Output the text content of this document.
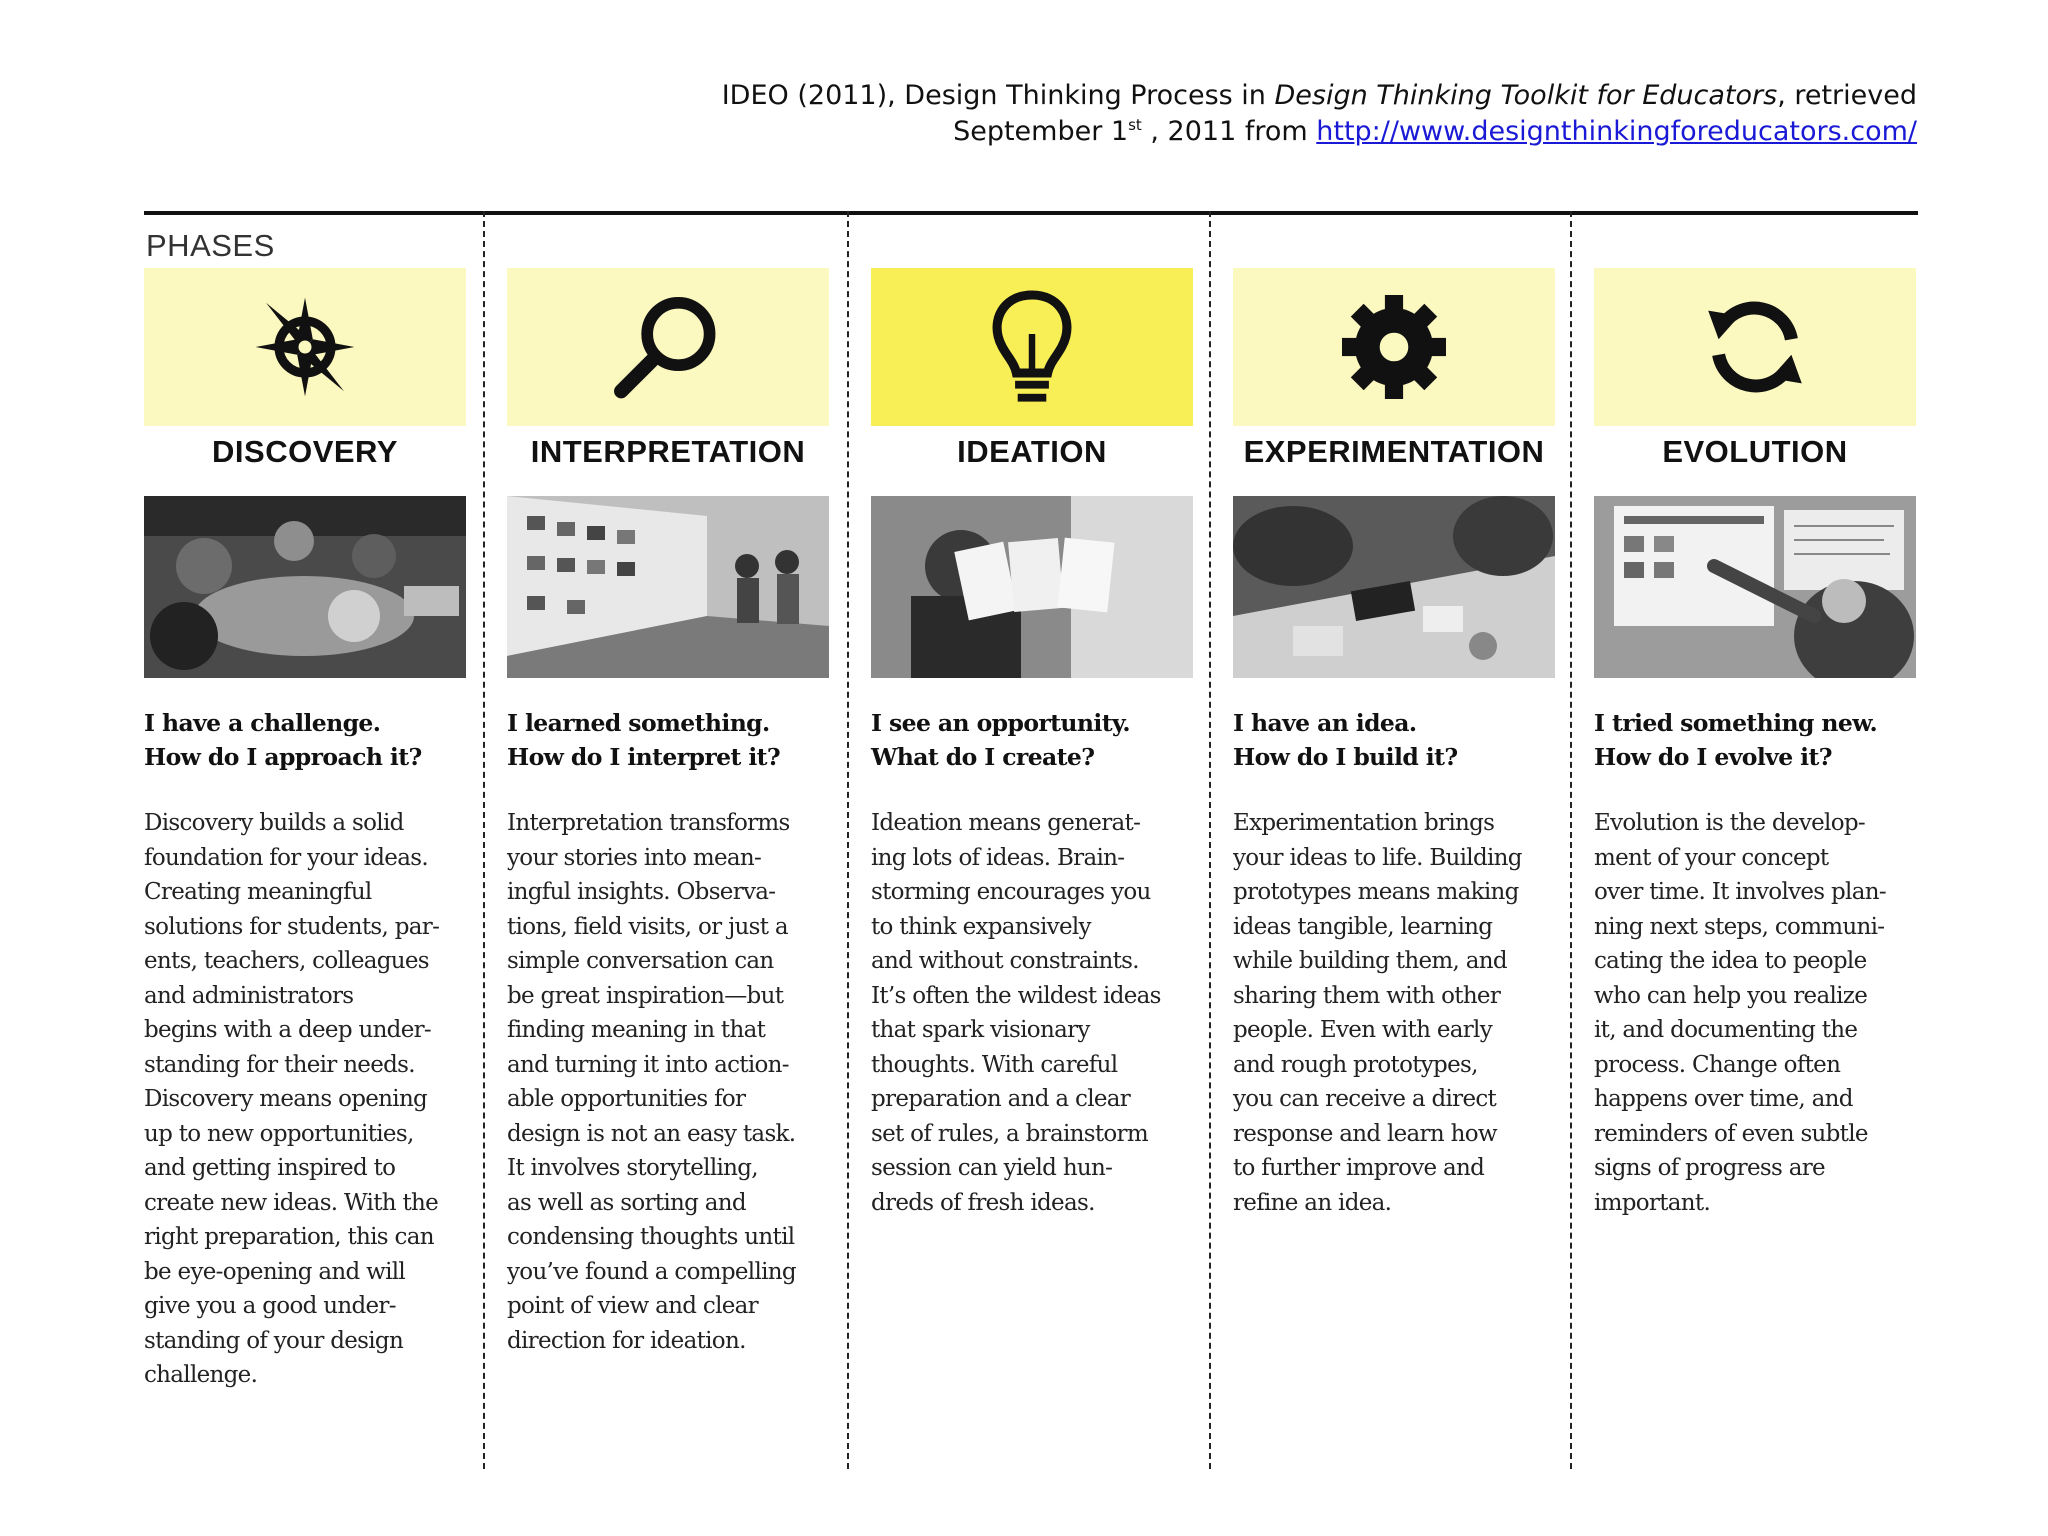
IDEO (2011), Design Thinking Process in Design Thinking Toolkit for Educators, retrieved
September 1st , 2011 from http://www.designthinkingforeducators.com/
PHASES
DISCOVERY
I have a challenge.
How do I approach it?
Discovery builds a solid
foundation for your ideas.
Creating meaningful
solutions for students, par-
ents, teachers, colleagues
and administrators
begins with a deep under-
standing for their needs.
Discovery means opening
up to new opportunities,
and getting inspired to
create new ideas. With the
right preparation, this can
be eye-opening and will
give you a good under-
standing of your design
challenge.
INTERPRETATION
I learned something.
How do I interpret it?
Interpretation transforms
your stories into mean-
ingful insights. Observa-
tions, field visits, or just a
simple conversation can
be great inspiration—but
finding meaning in that
and turning it into action-
able opportunities for
design is not an easy task.
It involves storytelling,
as well as sorting and
condensing thoughts until
you’ve found a compelling
point of view and clear
direction for ideation.
IDEATION
I see an opportunity.
What do I create?
Ideation means generat-
ing lots of ideas. Brain-
storming encourages you
to think expansively
and without constraints.
It’s often the wildest ideas
that spark visionary
thoughts. With careful
preparation and a clear
set of rules, a brainstorm
session can yield hun-
dreds of fresh ideas.
EXPERIMENTATION
I have an idea.
How do I build it?
Experimentation brings
your ideas to life. Building
prototypes means making
ideas tangible, learning
while building them, and
sharing them with other
people. Even with early
and rough prototypes,
you can receive a direct
response and learn how
to further improve and
refine an idea.
EVOLUTION
I tried something new.
How do I evolve it?
Evolution is the develop-
ment of your concept
over time. It involves plan-
ning next steps, communi-
cating the idea to people
who can help you realize
it, and documenting the
process. Change often
happens over time, and
reminders of even subtle
signs of progress are
important.
